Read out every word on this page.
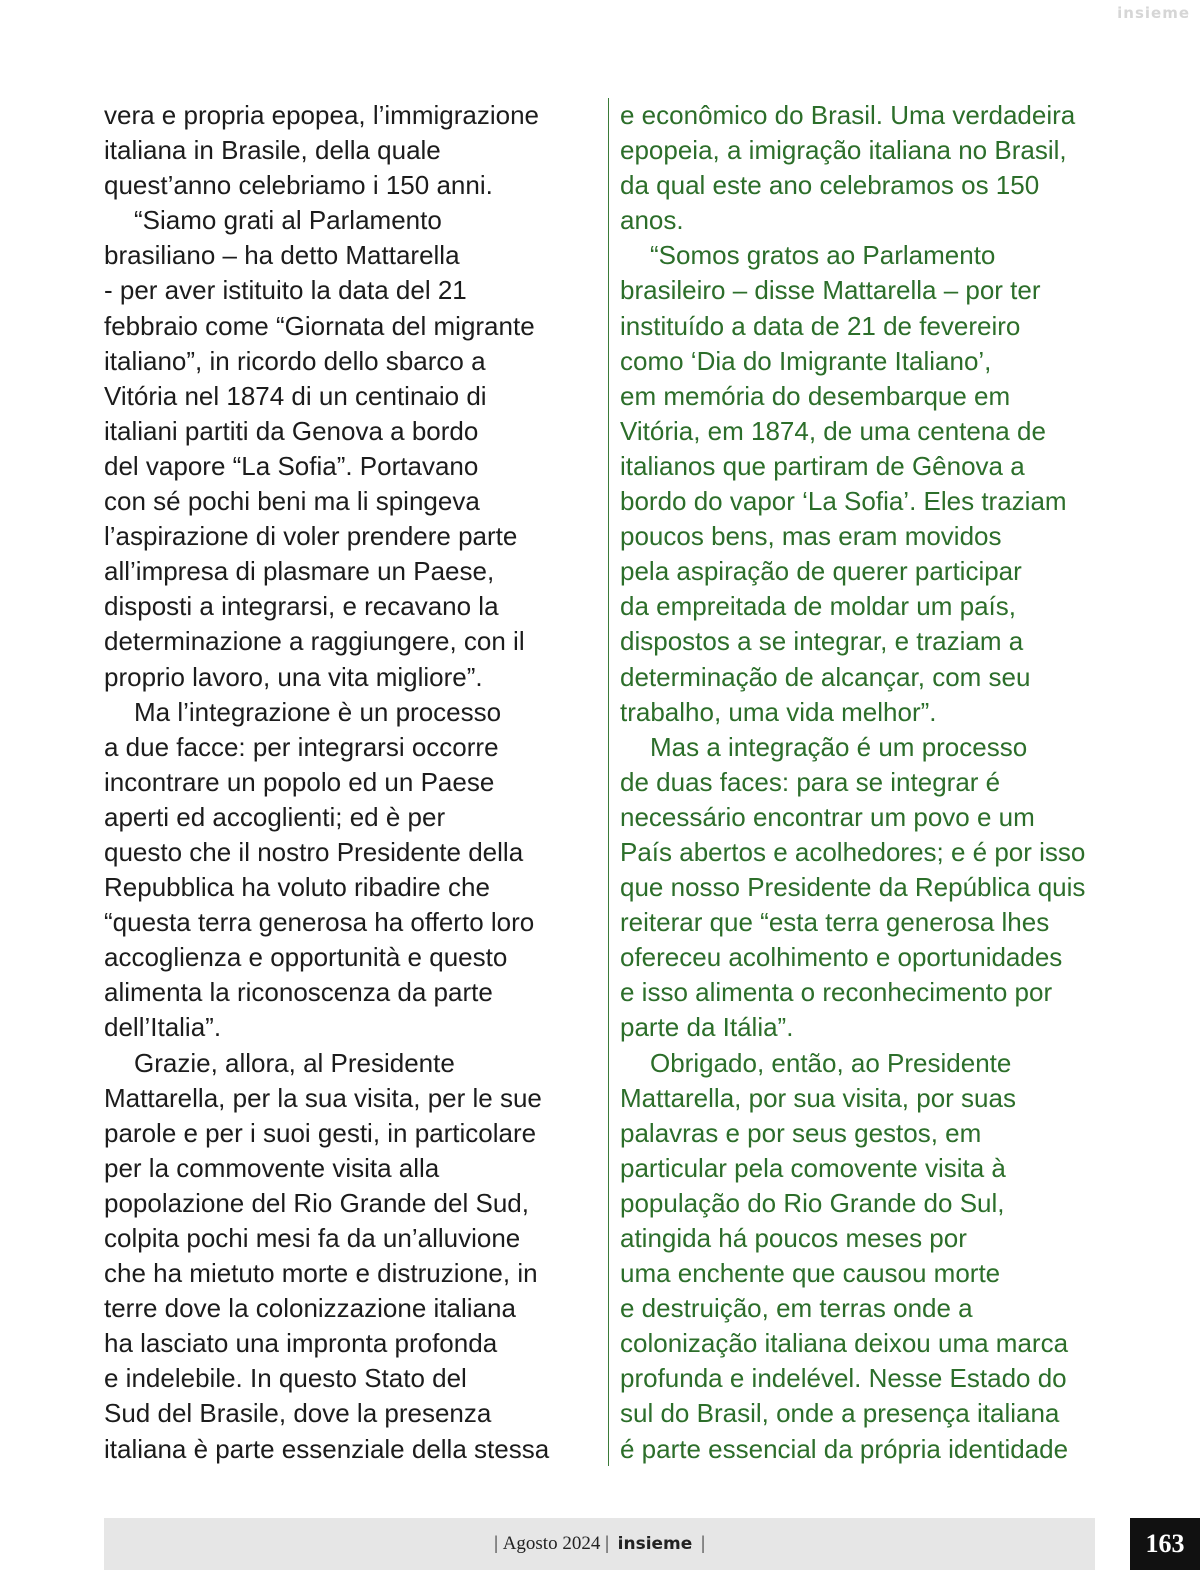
insieme

vera e propria epopea, l’immigrazione

italiana in Brasile, della quale

quest’anno celebriamo i 150 anni.

“Siamo grati al Parlamento

brasiliano – ha detto Mattarella

- per aver istituito la data del 21

febbraio come “Giornata del migrante

italiano”, in ricordo dello sbarco a

Vitória nel 1874 di un centinaio di

italiani partiti da Genova a bordo

del vapore “La Sofia”. Portavano

con sé pochi beni ma li spingeva

l’aspirazione di voler prendere parte

all’impresa di plasmare un Paese,

disposti a integrarsi, e recavano la

determinazione a raggiungere, con il

proprio lavoro, una vita migliore”.

Ma l’integrazione è un processo

a due facce: per integrarsi occorre

incontrare un popolo ed un Paese

aperti ed accoglienti; ed è per

questo che il nostro Presidente della

Repubblica ha voluto ribadire che

“questa terra generosa ha offerto loro

accoglienza e opportunità e questo

alimenta la riconoscenza da parte

dell’Italia”.

Grazie, allora, al Presidente

Mattarella, per la sua visita, per le sue

parole e per i suoi gesti, in particolare

per la commovente visita alla

popolazione del Rio Grande del Sud,

colpita pochi mesi fa da un’alluvione

che ha mietuto morte e distruzione, in

terre dove la colonizzazione italiana

ha lasciato una impronta profonda

e indelebile. In questo Stato del

Sud del Brasile, dove la presenza

italiana è parte essenziale della stessa

e econômico do Brasil. Uma verdadeira

epopeia, a imigração italiana no Brasil,

da qual este ano celebramos os 150

anos.

“Somos gratos ao Parlamento

brasileiro – disse Mattarella – por ter

instituído a data de 21 de fevereiro

como ‘Dia do Imigrante Italiano’,

em memória do desembarque em

Vitória, em 1874, de uma centena de

italianos que partiram de Gênova a

bordo do vapor ‘La Sofia’. Eles traziam

poucos bens, mas eram movidos

pela aspiração de querer participar

da empreitada de moldar um país,

dispostos a se integrar, e traziam a

determinação de alcançar, com seu

trabalho, uma vida melhor”.

Mas a integração é um processo

de duas faces: para se integrar é

necessário encontrar um povo e um

País abertos e acolhedores; e é por isso

que nosso Presidente da República quis

reiterar que “esta terra generosa lhes

ofereceu acolhimento e oportunidades

e isso alimenta o reconhecimento por

parte da Itália”.

Obrigado, então, ao Presidente

Mattarella, por sua visita, por suas

palavras e por seus gestos, em

particular pela comovente visita à

população do Rio Grande do Sul,

atingida há poucos meses por

uma enchente que causou morte

e destruição, em terras onde a

colonização italiana deixou uma marca

profunda e indelével. Nesse Estado do

sul do Brasil, onde a presença italiana

é parte essencial da própria identidade

|
Agosto 2024
|
insieme
|	163
